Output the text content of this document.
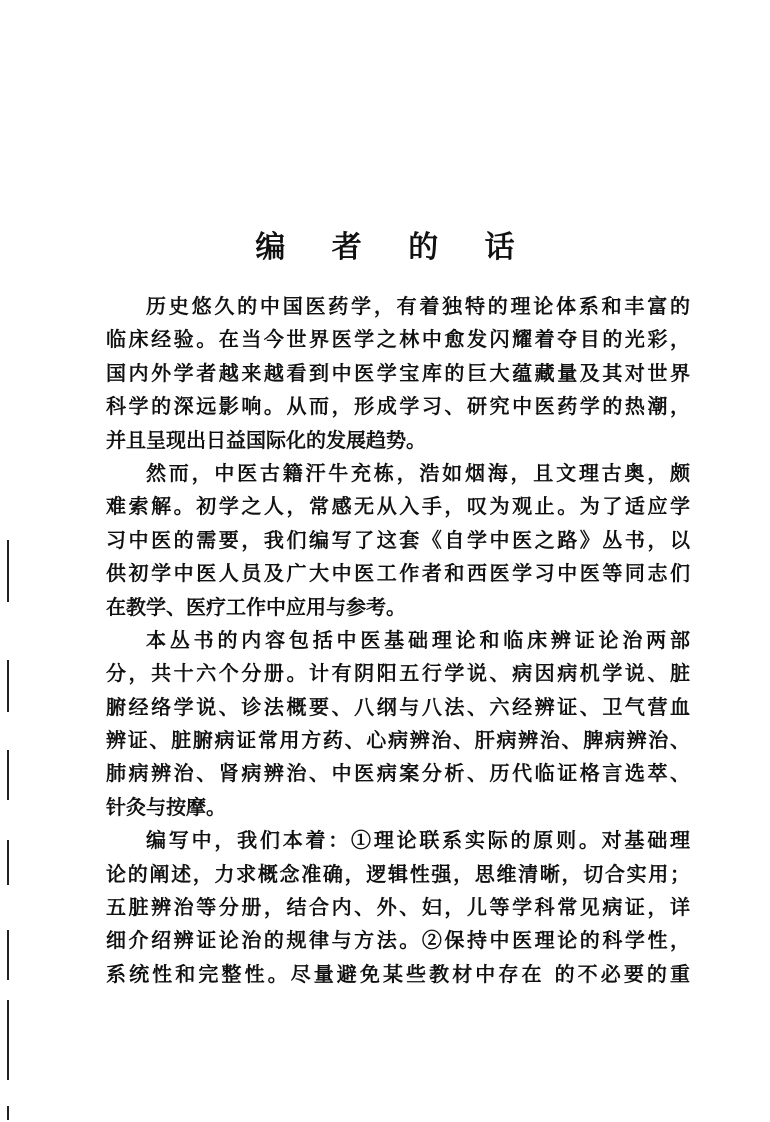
编 者 的 话
历史悠久的中国医药学，有着独特的理论体系和丰富的
临床经验。在当今世界医学之林中愈发闪耀着夺目的光彩，
国内外学者越来越看到中医学宝库的巨大蕴藏量及其对世界
科学的深远影响。从而，形成学习、研究中医药学的热潮，
并且呈现出日益国际化的发展趋势。
然而，中医古籍汗牛充栋，浩如烟海，且文理古奥，颇
难索解。初学之人，常感无从入手，叹为观止。为了适应学
习中医的需要，我们编写了这套《自学中医之路》丛书，以
供初学中医人员及广大中医工作者和西医学习中医等同志们
在教学、医疗工作中应用与参考。
本丛书的内容包括中医基础理论和临床辨证论治两部
分，共十六个分册。计有阴阳五行学说、病因病机学说、脏
腑经络学说、诊法概要、八纲与八法、六经辨证、卫气营血
辨证、脏腑病证常用方药、心病辨治、肝病辨治、脾病辨治、
肺病辨治、肾病辨治、中医病案分析、历代临证格言选萃、
针灸与按摩。
编写中，我们本着：①理论联系实际的原则。对基础理
论的阐述，力求概念准确，逻辑性强，思维清晰，切合实用；
五脏辨治等分册，结合内、外、妇，儿等学科常见病证，详
细介绍辨证论治的规律与方法。②保持中医理论的科学性，
系统性和完整性。尽量避免某些教材中存在 的不必要的重
